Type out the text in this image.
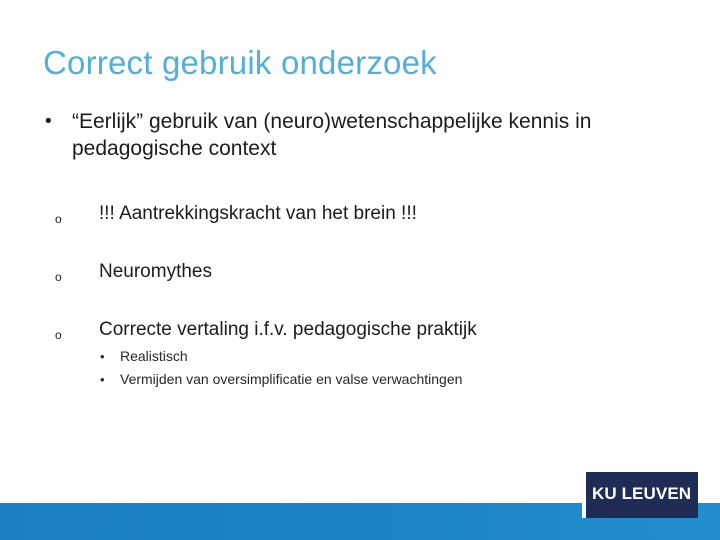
Correct gebruik onderzoek
• “Eerlijk” gebruik van (neuro)wetenschappelijke kennis in pedagogische context
o !!! Aantrekkingskracht van het brein !!!
o Neuromythes
o Correcte vertaling i.f.v. pedagogische praktijk
• Realistisch
• Vermijden van oversimplificatie en valse verwachtingen
KU LEUVEN
